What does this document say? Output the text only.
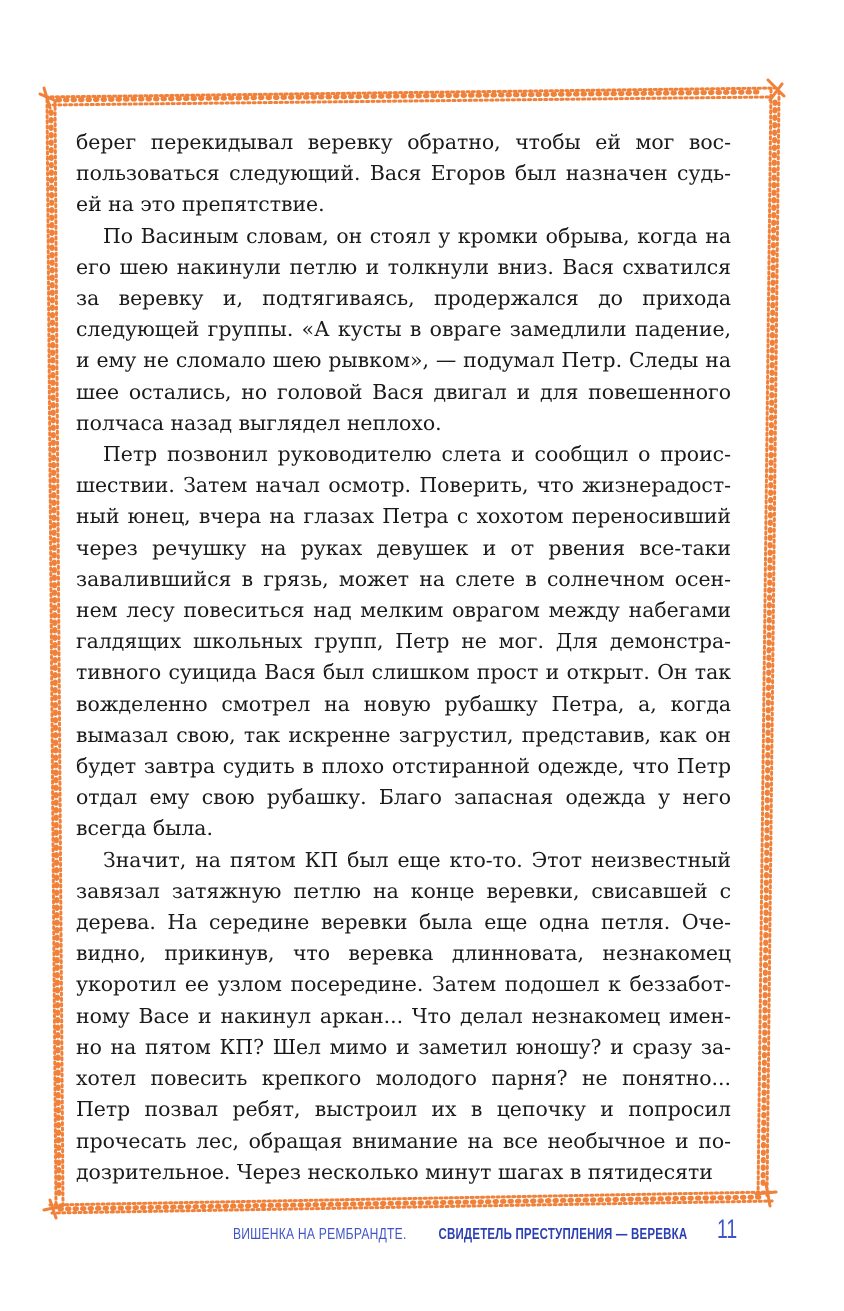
берег перекидывал веревку обратно, чтобы ей мог воспользоваться следующий. Вася Егоров был назначен судьей на это препятствие.

По Васиным словам, он стоял у кромки обрыва, когда на его шею накинули петлю и толкнули вниз. Вася схватился за веревку и, подтягиваясь, продержался до прихода следующей группы. «А кусты в овраге замедлили падение, и ему не сломало шею рывком», — подумал Петр. Следы на шее остались, но головой Вася двигал и для повешенного полчаса назад выглядел неплохо.

Петр позвонил руководителю слета и сообщил о происшествии. Затем начал осмотр. Поверить, что жизнерадостный юнец, вчера на глазах Петра с хохотом переносивший через речушку на руках девушек и от рвения все-таки завалившийся в грязь, может на слете в солнечном осеннем лесу повеситься над мелким оврагом между набегами галдящих школьных групп, Петр не мог. Для демонстративного суицида Вася был слишком прост и открыт. Он так вожделенно смотрел на новую рубашку Петра, а, когда вымазал свою, так искренне загрустил, представив, как он будет завтра судить в плохо отстиранной одежде, что Петр отдал ему свою рубашку. Благо запасная одежда у него всегда была.

Значит, на пятом КП был еще кто-то. Этот неизвестный завязал затяжную петлю на конце веревки, свисавшей с дерева. На середине веревки была еще одна петля. Очевидно, прикинув, что веревка длинновата, незнакомец укоротил ее узлом посередине. Затем подошел к беззаботному Васе и накинул аркан... Что делал незнакомец именно на пятом КП? Шел мимо и заметил юношу? и сразу захотел повесить крепкого молодого парня? не понятно... Петр позвал ребят, выстроил их в цепочку и попросил прочесать лес, обращая внимание на все необычное и подозрительное. Через несколько минут шагах в пятидесяти

ВИШЕНКА НА РЕМБРАНДТЕ. СВИДЕТЕЛЬ ПРЕСТУПЛЕНИЯ — ВЕРЕВКА 11
